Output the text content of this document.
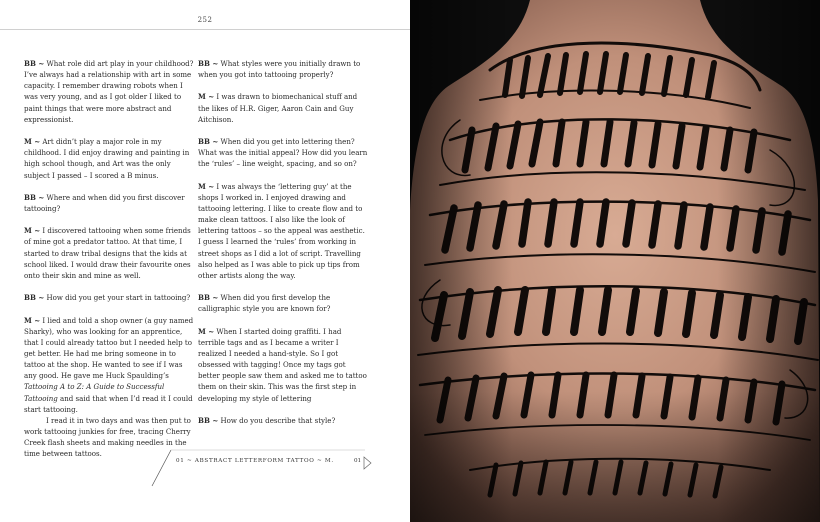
252

BB ~ What role did art play in your childhood? I’ve always had a relationship with art in some capacity. I remember drawing robots when I was very young, and as I got older I liked to paint things that were more abstract and expressionist.

M ~ Art didn’t play a major role in my childhood. I did enjoy drawing and painting in high school though, and Art was the only subject I passed – I scored a B minus.

BB ~ Where and when did you first discover tattooing?

M ~ I discovered tattooing when some friends of mine got a predator tattoo. At that time, I started to draw tribal designs that the kids at school liked. I would draw their favourite ones onto their skin and mine as well.

BB ~ How did you get your start in tattooing?

M ~ I lied and told a shop owner (a guy named Sharky), who was looking for an apprentice, that I could already tattoo but I needed help to get better. He had me bring someone in to tattoo at the shop. He wanted to see if I was any good. He gave me Huck Spaulding’s Tattooing A to Z: A Guide to Successful Tattooing and said that when I’d read it I could start tattooing.

I read it in two days and was then put to work tattooing junkies for free, tracing Cherry Creek flash sheets and making needles in the time between tattoos.

BB ~ What styles were you initially drawn to when you got into tattooing properly?

M ~ I was drawn to biomechanical stuff and the likes of H.R. Giger, Aaron Cain and Guy Aitchison.

BB ~ When did you get into lettering then? What was the initial appeal? How did you learn the ‘rules’ – line weight, spacing, and so on?

M ~ I was always the ‘lettering guy’ at the shops I worked in. I enjoyed drawing and tattooing lettering. I like to create flow and to make clean tattoos. I also like the look of lettering tattoos – so the appeal was aesthetic. I guess I learned the ‘rules’ from working in street shops as I did a lot of script. Travelling also helped as I was able to pick up tips from other artists along the way.

BB ~ When did you first develop the calligraphic style you are known for?

M ~ When I started doing graffiti. I had terrible tags and as I became a writer I realized I needed a hand-style. So I got obsessed with tagging! Once my tags got better people saw them and asked me to tattoo them on their skin. This was the first step in developing my style of lettering

BB ~ How do you describe that style?

01 ~ ABSTRACT LETTERFORM TATTOO ~ M.	01
